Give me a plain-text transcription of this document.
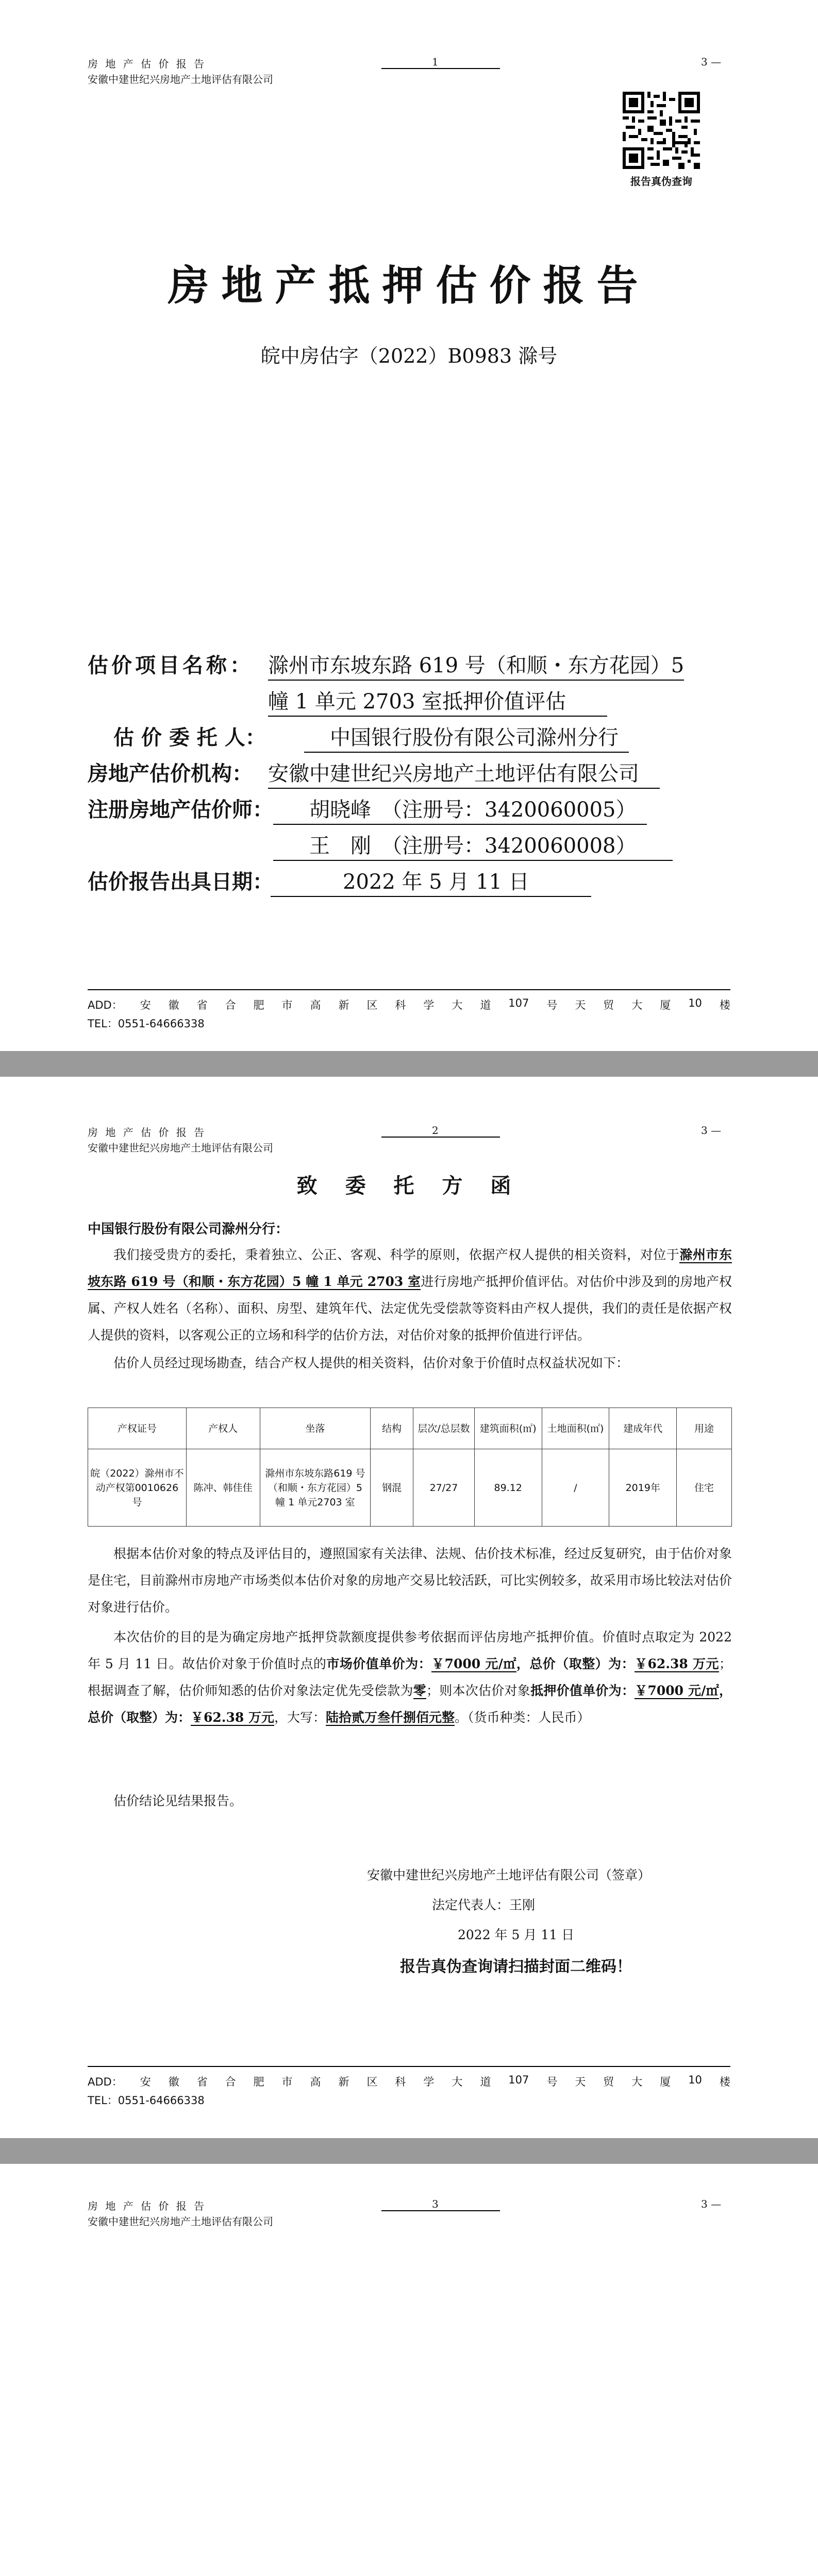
房 地 产 估 价 报 告
安徽中建世纪兴房地产土地评估有限公司
1	3 —
报告真伪查询
房地产抵押估价报告
皖中房估字（2022）B0983 滁号
估价项目名称： 滁州市东坡东路 619 号（和顺・东方花园）5
幢 1 单元 2703 室抵押价值评估
估 价 委 托 人：	中国银行股份有限公司滁州分行
房地产估价机构： 安徽中建世纪兴房地产土地评估有限公司
注册房地产估价师：	胡晓峰　（注册号：3420060005）
王　刚　（注册号：3420060008）
估价报告出具日期：	2022 年 5 月 11 日
ADD： 安 徽 省 合 肥 市 高 新 区 科 学 大 道 107 号 天 贸 大 厦 10 楼
TEL：0551-64666338
房 地 产 估 价 报 告
安徽中建世纪兴房地产土地评估有限公司
2	3 —
致 委 托 方 函
中国银行股份有限公司滁州分行：
我们接受贵方的委托，秉着独立、公正、客观、科学的原则，依据产权人提供的相关资料，对位于滁州市东坡东路 619 号（和顺・东方花园）5 幢 1 单元 2703 室进行房地产抵押价值评估。对估价中涉及到的房地产权属、产权人姓名（名称）、面积、房型、建筑年代、法定优先受偿款等资料由产权人提供，我们的责任是依据产权人提供的资料，以客观公正的立场和科学的估价方法，对估价对象的抵押价值进行评估。
估价人员经过现场勘查，结合产权人提供的相关资料，估价对象于价值时点权益状况如下：
产权证号	产权人	坐落	结构	层次/总层数	建筑面积(㎡)	土地面积(㎡)	建成年代	用途
皖（2022）滁州市不动产权第0010626 号	陈冲、韩佳佳	滁州市东坡东路619 号（和顺・东方花园）5 幢 1 单元2703 室	钢混	27/27	89.12	/	2019年	住宅
根据本估价对象的特点及评估目的，遵照国家有关法律、法规、估价技术标准，经过反复研究，由于估价对象是住宅，目前滁州市房地产市场类似本估价对象的房地产交易比较活跃，可比实例较多，故采用市场比较法对估价对象进行估价。
本次估价的目的是为确定房地产抵押贷款额度提供参考依据而评估房地产抵押价值。价值时点取定为 2022 年 5 月 11 日。故估价对象于价值时点的市场价值单价为：￥7000 元/㎡，总价（取整）为：￥62.38 万元；根据调查了解，估价师知悉的估价对象法定优先受偿款为零；则本次估价对象抵押价值单价为：￥7000 元/㎡，总价（取整）为：￥62.38 万元，大写：陆拾贰万叁仟捌佰元整。（货币种类：人民币）
估价结论见结果报告。
安徽中建世纪兴房地产土地评估有限公司（签章）
法定代表人：王刚
2022 年 5 月 11 日
报告真伪查询请扫描封面二维码！
ADD： 安 徽 省 合 肥 市 高 新 区 科 学 大 道 107 号 天 贸 大 厦 10 楼
TEL：0551-64666338
房 地 产 估 价 报 告
安徽中建世纪兴房地产土地评估有限公司
3	3 —
